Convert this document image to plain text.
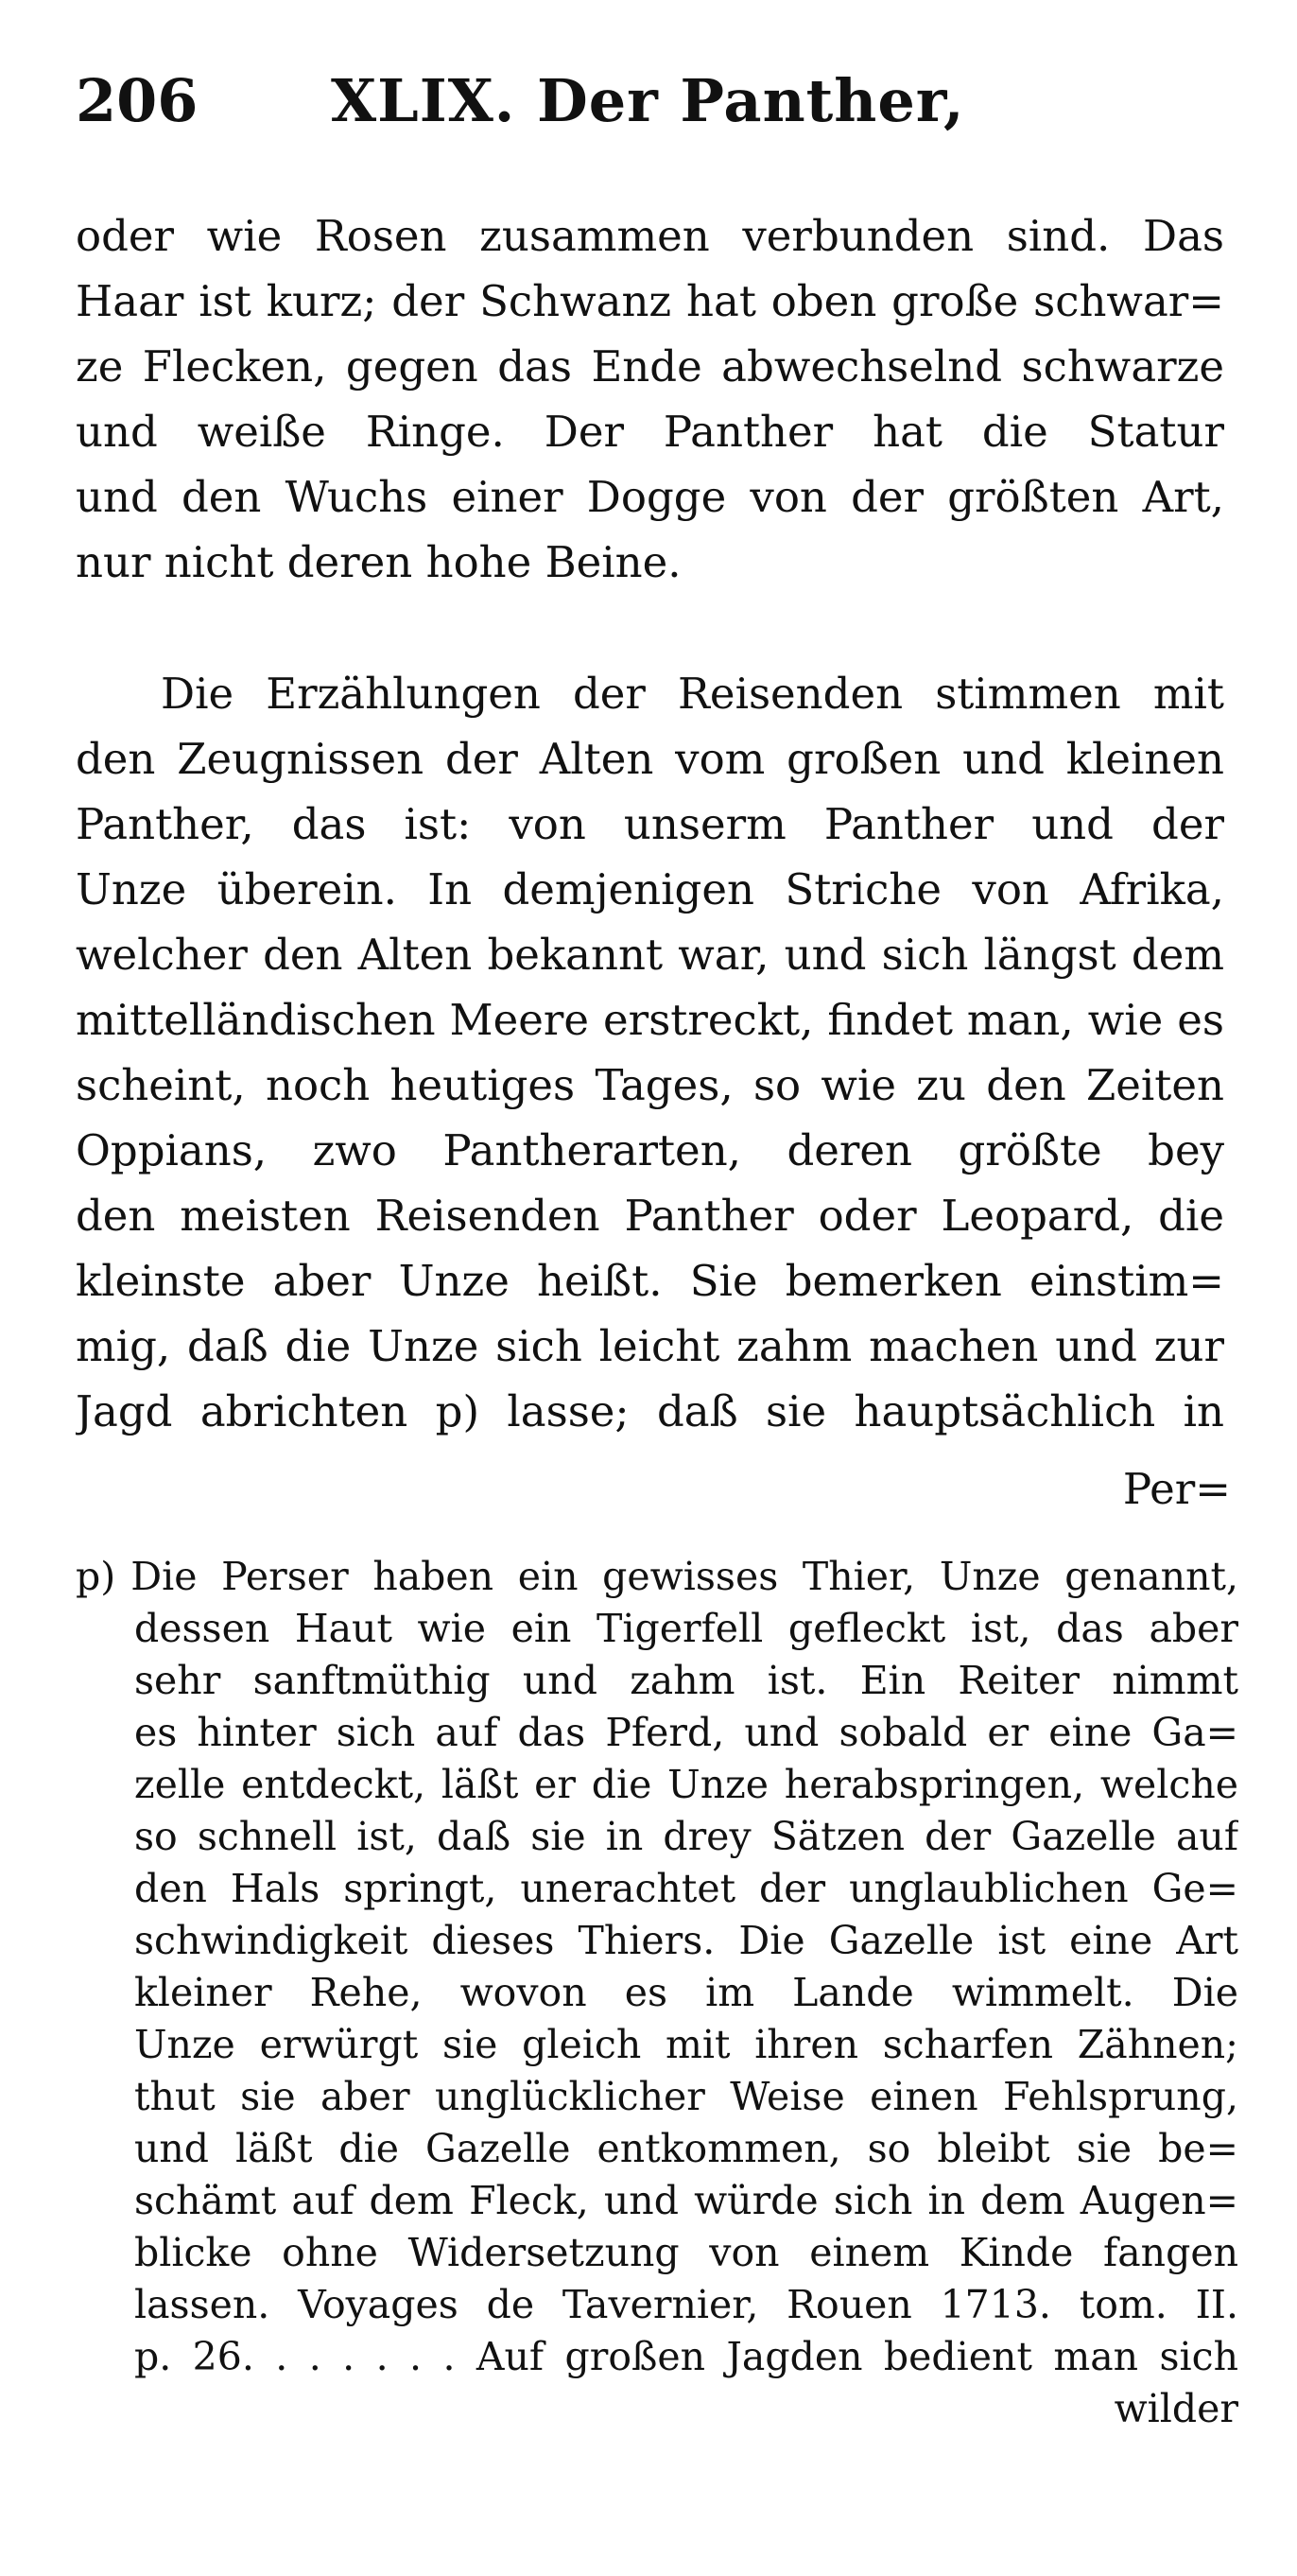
206 XLIX. Der Panther,
oder wie Rosen zusammen verbunden sind. Das
Haar ist kurz; der Schwanz hat oben große schwar=
ze Flecken, gegen das Ende abwechselnd schwarze
und weiße Ringe. Der Panther hat die Statur
und den Wuchs einer Dogge von der größten Art,
nur nicht deren hohe Beine.
Die Erzählungen der Reisenden stimmen mit
den Zeugnissen der Alten vom großen und kleinen
Panther, das ist: von unserm Panther und der
Unze überein. In demjenigen Striche von Afrika,
welcher den Alten bekannt war, und sich längst dem
mittelländischen Meere erstreckt, findet man, wie es
scheint, noch heutiges Tages, so wie zu den Zeiten
Oppians, zwo Pantherarten, deren größte bey
den meisten Reisenden Panther oder Leopard, die
kleinste aber Unze heißt. Sie bemerken einstim=
mig, daß die Unze sich leicht zahm machen und zur
Jagd abrichten p) lasse; daß sie hauptsächlich in
Per=
p) Die Perser haben ein gewisses Thier, Unze genannt,
dessen Haut wie ein Tigerfell gefleckt ist, das aber
sehr sanftmüthig und zahm ist. Ein Reiter nimmt
es hinter sich auf das Pferd, und sobald er eine Ga=
zelle entdeckt, läßt er die Unze herabspringen, welche
so schnell ist, daß sie in drey Sätzen der Gazelle auf
den Hals springt, unerachtet der unglaublichen Ge=
schwindigkeit dieses Thiers. Die Gazelle ist eine Art
kleiner Rehe, wovon es im Lande wimmelt. Die
Unze erwürgt sie gleich mit ihren scharfen Zähnen;
thut sie aber unglücklicher Weise einen Fehlsprung,
und läßt die Gazelle entkommen, so bleibt sie be=
schämt auf dem Fleck, und würde sich in dem Augen=
blicke ohne Widersetzung von einem Kinde fangen
lassen. Voyages de Tavernier, Rouen 1713. tom. II.
p. 26. . . . . . . Auf großen Jagden bedient man sich
wilder
